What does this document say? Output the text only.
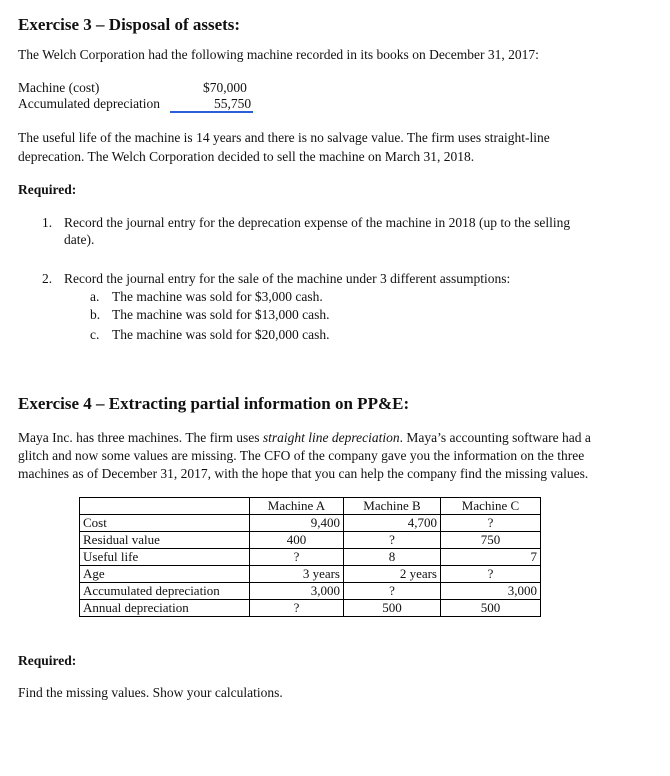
Exercise 3 – Disposal of assets:
The Welch Corporation had the following machine recorded in its books on December 31, 2017:
Machine (cost)	$70,000
Accumulated depreciation	55,750
The useful life of the machine is 14 years and there is no salvage value. The firm uses straight-line
deprecation. The Welch Corporation decided to sell the machine on March 31, 2018.
Required:
1. Record the journal entry for the deprecation expense of the machine in 2018 (up to the selling
date).
2. Record the journal entry for the sale of the machine under 3 different assumptions:
a. The machine was sold for $3,000 cash.
b. The machine was sold for $13,000 cash.
c. The machine was sold for $20,000 cash.
Exercise 4 – Extracting partial information on PP&E:
Maya Inc. has three machines. The firm uses straight line depreciation. Maya’s accounting software had a
glitch and now some values are missing. The CFO of the company gave you the information on the three
machines as of December 31, 2017, with the hope that you can help the company find the missing values.
	Machine A	Machine B	Machine C
Cost	9,400	4,700	?
Residual value	400	?	750
Useful life	?	8	7
Age	3 years	2 years	?
Accumulated depreciation	3,000	?	3,000
Annual depreciation	?	500	500
Required:
Find the missing values. Show your calculations.
